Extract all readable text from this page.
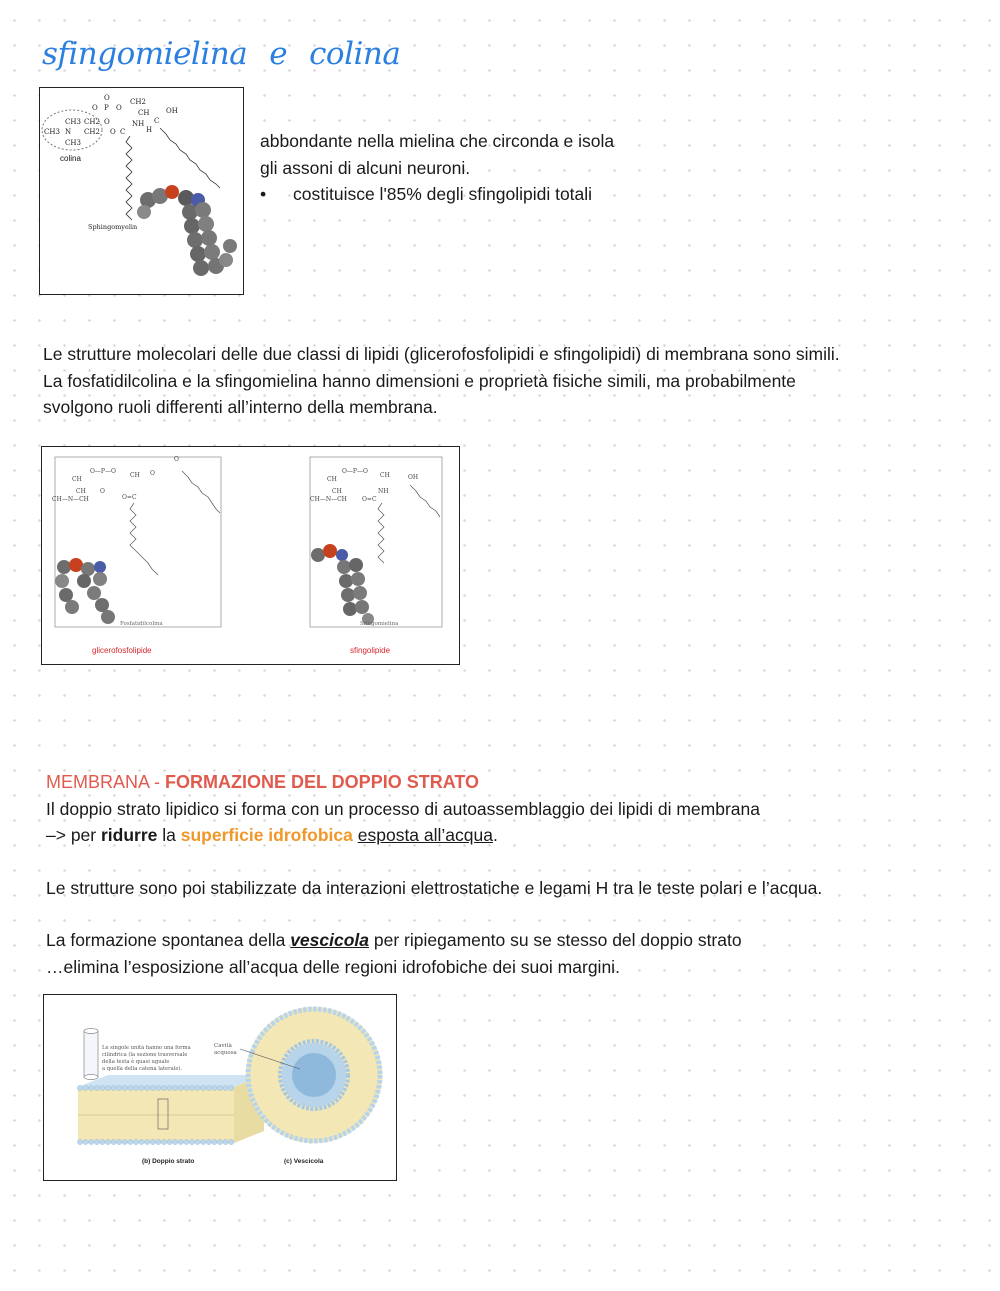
sfingomielina e colina
O
O P O
CH2
CH OH
CH3 CH2 O	NH
H
C
CH3 N CH2	C
O
CH3
colina
Sphingomyelin
abbondante nella mielina che circonda e isola
gli assoni di alcuni neuroni.
•	costituisce l'85% degli sfingolipidi totali
Le strutture molecolari delle due classi di lipidi (glicerofosfolipidi e sfingolipidi) di membrana sono simili.
La fosfatidilcolina e la sfingomielina hanno dimensioni e proprietà fisiche simili, ma probabilmente
svolgono ruoli differenti all’interno della membrana.
CH
O—P—O
CH O
O
CH—N—CH
CH O
O=C
CH
O—P—O
CH	OH
CH—N—CH
CH	NH
O=C
Fosfatidilcolina	Sfingomielina
glicerofosfolipide	sfingolipide
MEMBRANA - FORMAZIONE DEL DOPPIO STRATO
Il doppio strato lipidico si forma con un processo di autoassemblaggio dei lipidi di membrana
–> per ridurre la superficie idrofobica esposta all’acqua.
Le strutture sono poi stabilizzate da interazioni elettrostatiche e legami H tra le teste polari e l’acqua.
La formazione spontanea della vescicola per ripiegamento su se stesso del doppio strato
…elimina l’esposizione all’acqua delle regioni idrofobiche dei suoi margini.
Le singole unità hanno una forma
cilindrica (la sezione trasversale
della testa è quasi uguale
a quella della catena laterale).
Cavità
acquosa
(b) Doppio strato	(c) Vescicola
